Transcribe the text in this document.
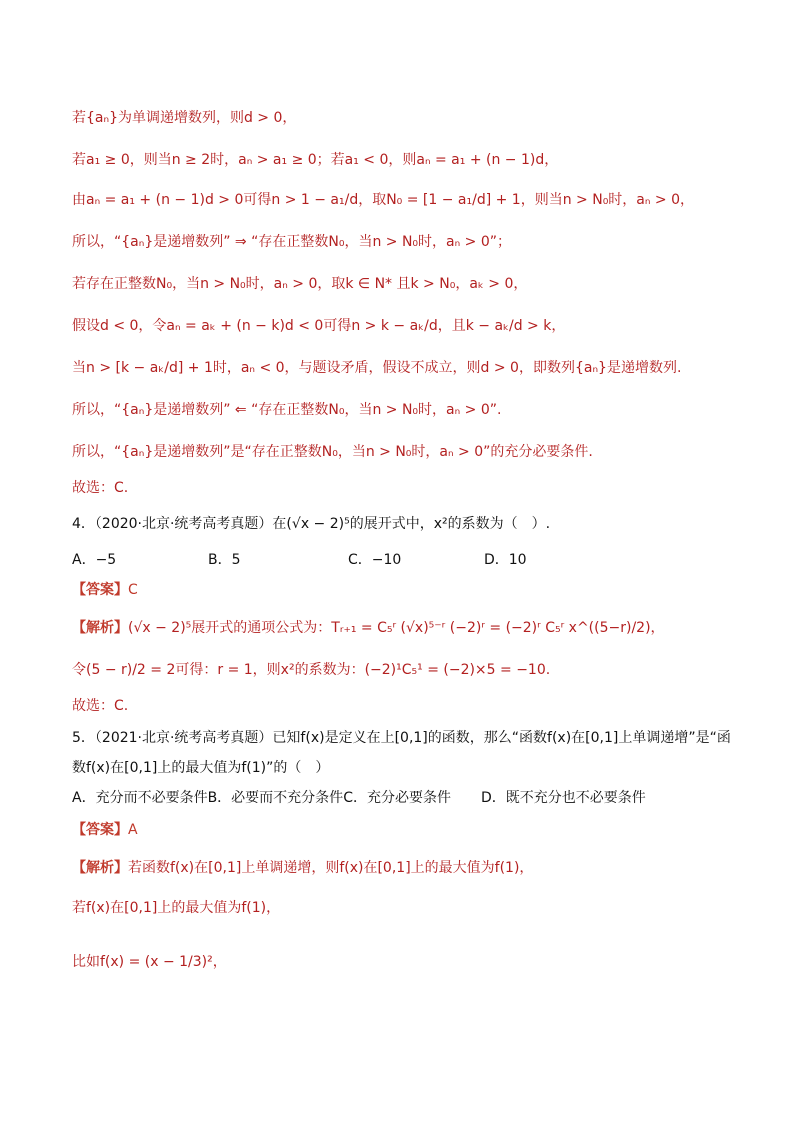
若{aₙ}为单调递增数列，则d > 0，
若a₁ ≥ 0，则当n ≥ 2时，aₙ > a₁ ≥ 0；若a₁ < 0，则aₙ = a₁ + (n − 1)d，
由aₙ = a₁ + (n − 1)d > 0可得n > 1 − a₁/d，取N₀ = [1 − a₁/d] + 1，则当n > N₀时，aₙ > 0，
所以，“{aₙ}是递增数列” ⇒ “存在正整数N₀，当n > N₀时，aₙ > 0”；
若存在正整数N₀，当n > N₀时，aₙ > 0，取k ∈ N* 且k > N₀，aₖ > 0，
假设d < 0，令aₙ = aₖ + (n − k)d < 0可得n > k − aₖ/d，且k − aₖ/d > k，
当n > [k − aₖ/d] + 1时，aₙ < 0，与题设矛盾，假设不成立，则d > 0，即数列{aₙ}是递增数列.
所以，“{aₙ}是递增数列” ⇐ “存在正整数N₀，当n > N₀时，aₙ > 0”.
所以，“{aₙ}是递增数列”是“存在正整数N₀，当n > N₀时，aₙ > 0”的充分必要条件.
故选：C.
4．（2020·北京·统考高考真题）在(√x − 2)⁵的展开式中，x²的系数为（　）.
A．−5	B．5	C．−10	D．10
【答案】C
【解析】(√x − 2)⁵展开式的通项公式为：Tᵣ₊₁ = C₅ʳ (√x)⁵⁻ʳ (−2)ʳ = (−2)ʳ C₅ʳ x^((5−r)/2)，
令(5 − r)/2 = 2可得：r = 1，则x²的系数为：(−2)¹C₅¹ = (−2)×5 = −10.
故选：C.
5．（2021·北京·统考高考真题）已知f(x)是定义在上[0,1]的函数，那么“函数f(x)在[0,1]上单调递增”是“函
数f(x)在[0,1]上的最大值为f(1)”的（　）
A．充分而不必要条件B．必要而不充分条件C．充分必要条件 D．既不充分也不必要条件
【答案】A
【解析】若函数f(x)在[0,1]上单调递增，则f(x)在[0,1]上的最大值为f(1)，
若f(x)在[0,1]上的最大值为f(1)，
比如f(x) = (x − 1/3)²，
